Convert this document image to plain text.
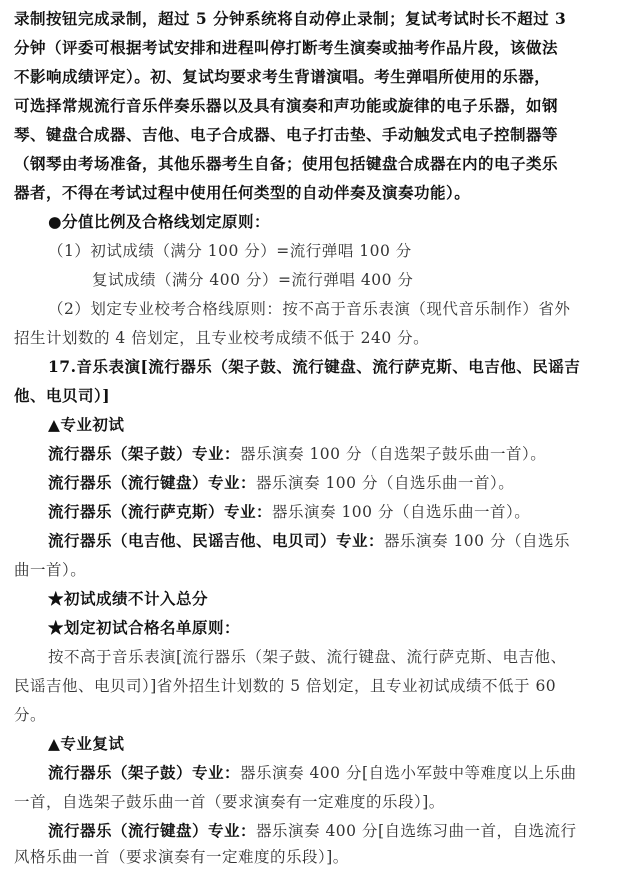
录制按钮完成录制，超过 5 分钟系统将自动停止录制；复试考试时长不超过 3
分钟（评委可根据考试安排和进程叫停打断考生演奏或抽考作品片段，该做法
不影响成绩评定）。初、复试均要求考生背谱演唱。考生弹唱所使用的乐器，
可选择常规流行音乐伴奏乐器以及具有演奏和声功能或旋律的电子乐器，如钢
琴、键盘合成器、吉他、电子合成器、电子打击垫、手动触发式电子控制器等
（钢琴由考场准备，其他乐器考生自备；使用包括键盘合成器在内的电子类乐
器者，不得在考试过程中使用任何类型的自动伴奏及演奏功能）。
●分值比例及合格线划定原则：
（1）初试成绩（满分 100 分）=流行弹唱 100 分
复试成绩（满分 400 分）=流行弹唱 400 分
（2）划定专业校考合格线原则：按不高于音乐表演（现代音乐制作）省外
招生计划数的 4 倍划定，且专业校考成绩不低于 240 分。
17.音乐表演[流行器乐（架子鼓、流行键盘、流行萨克斯、电吉他、民谣吉
他、电贝司）]
▲专业初试
流行器乐（架子鼓）专业：器乐演奏 100 分（自选架子鼓乐曲一首）。
流行器乐（流行键盘）专业：器乐演奏 100 分（自选乐曲一首）。
流行器乐（流行萨克斯）专业：器乐演奏 100 分（自选乐曲一首）。
流行器乐（电吉他、民谣吉他、电贝司）专业：器乐演奏 100 分（自选乐
曲一首）。
★初试成绩不计入总分
★划定初试合格名单原则：
按不高于音乐表演[流行器乐（架子鼓、流行键盘、流行萨克斯、电吉他、
民谣吉他、电贝司）]省外招生计划数的 5 倍划定，且专业初试成绩不低于 60
分。
▲专业复试
流行器乐（架子鼓）专业：器乐演奏 400 分[自选小军鼓中等难度以上乐曲
一首，自选架子鼓乐曲一首（要求演奏有一定难度的乐段）]。
流行器乐（流行键盘）专业：器乐演奏 400 分[自选练习曲一首，自选流行
风格乐曲一首（要求演奏有一定难度的乐段）]。
